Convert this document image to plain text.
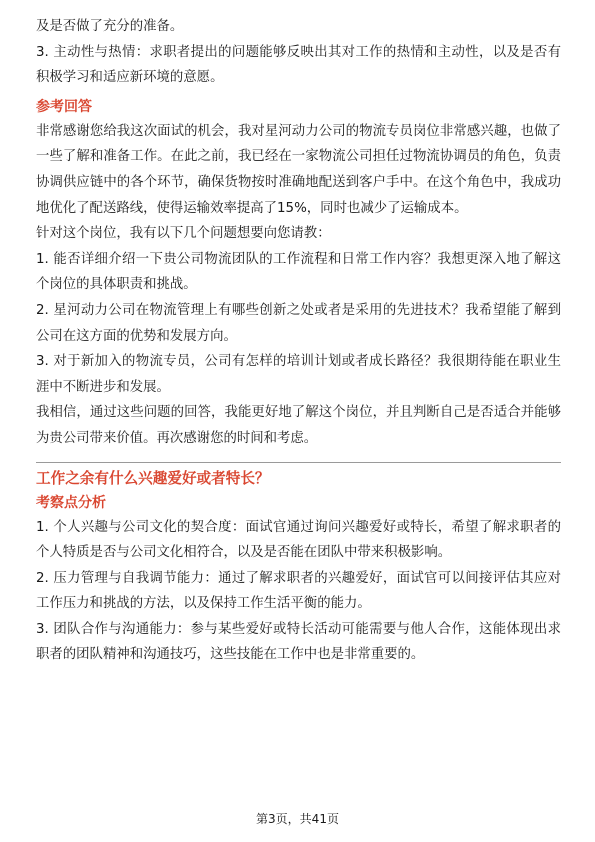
及是否做了充分的准备。

3. 主动性与热情：求职者提出的问题能够反映出其对工作的热情和主动性，以及是否有积极学习和适应新环境的意愿。

参考回答

非常感谢您给我这次面试的机会，我对星河动力公司的物流专员岗位非常感兴趣，也做了一些了解和准备工作。在此之前，我已经在一家物流公司担任过物流协调员的角色，负责协调供应链中的各个环节，确保货物按时准确地配送到客户手中。在这个角色中，我成功地优化了配送路线，使得运输效率提高了15%，同时也减少了运输成本。

针对这个岗位，我有以下几个问题想要向您请教：

1. 能否详细介绍一下贵公司物流团队的工作流程和日常工作内容？我想更深入地了解这个岗位的具体职责和挑战。

2. 星河动力公司在物流管理上有哪些创新之处或者是采用的先进技术？我希望能了解到公司在这方面的优势和发展方向。

3. 对于新加入的物流专员，公司有怎样的培训计划或者成长路径？我很期待能在职业生涯中不断进步和发展。

我相信，通过这些问题的回答，我能更好地了解这个岗位，并且判断自己是否适合并能够为贵公司带来价值。再次感谢您的时间和考虑。

工作之余有什么兴趣爱好或者特长？

考察点分析

1. 个人兴趣与公司文化的契合度：面试官通过询问兴趣爱好或特长，希望了解求职者的个人特质是否与公司文化相符合，以及是否能在团队中带来积极影响。

2. 压力管理与自我调节能力：通过了解求职者的兴趣爱好，面试官可以间接评估其应对工作压力和挑战的方法，以及保持工作生活平衡的能力。

3. 团队合作与沟通能力：参与某些爱好或特长活动可能需要与他人合作，这能体现出求职者的团队精神和沟通技巧，这些技能在工作中也是非常重要的。

第3页，共41页
